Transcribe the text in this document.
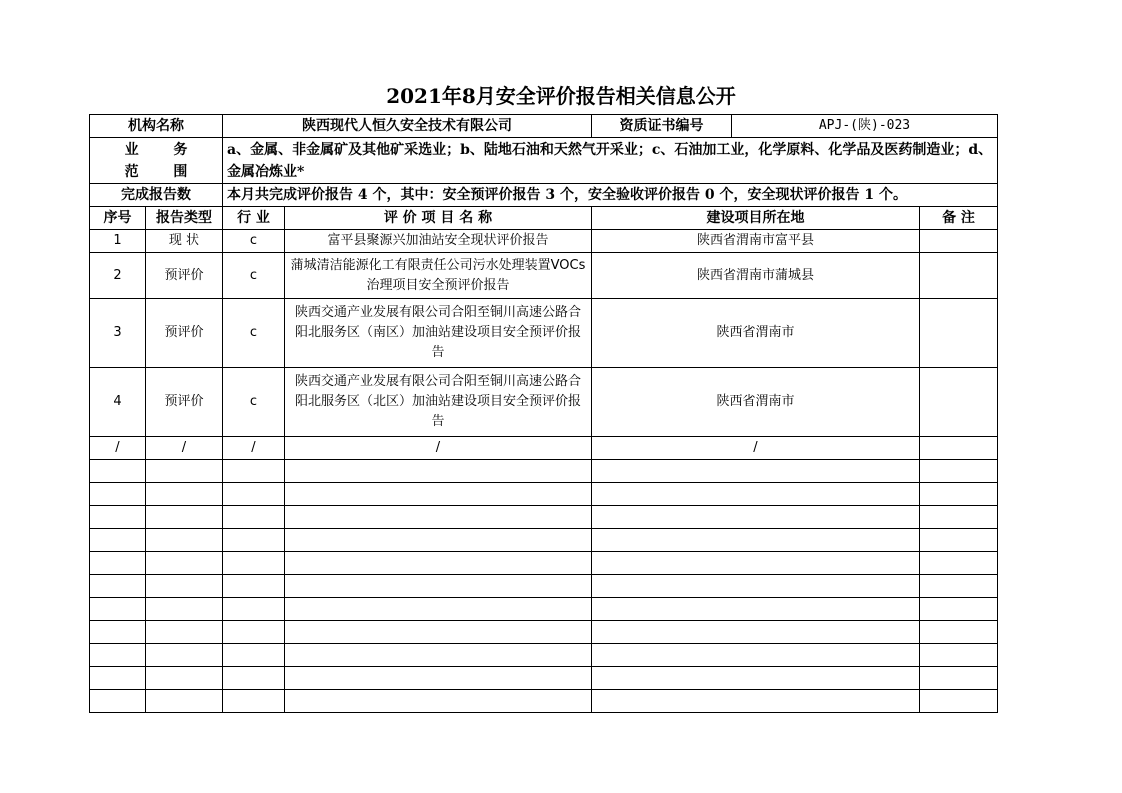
2021年8月安全评价报告相关信息公开
机构名称		陕西现代人恒久安全技术有限公司		资质证书编号	APJ-(陕)-023	

业 务
范 围		a、金属、非金属矿及其他矿采选业；b、陆地石油和天然气开采业；c、石油加工业，化学原料、化学品及医药制造业；d、金属冶炼业*				
完成报告数		本月共完成评价报告 4 个，其中：安全预评价报告 3 个，安全验收评价报告 0 个，安全现状评价报告 1 个。				
序号	报告类型	行 业	评 价 项 目 名 称	建设项目所在地		备 注
1	现 状	c	富平县聚源兴加油站安全现状评价报告	陕西省渭南市富平县		
2	预评价	c	蒲城清洁能源化工有限责任公司污水处理装置VOCs 治理项目安全预评价报告	陕西省渭南市蒲城县		
3	预评价	c	陕西交通产业发展有限公司合阳至铜川高速公路合阳北服务区（南区）加油站建设项目安全预评价报告	陕西省渭南市		
4	预评价	c	陕西交通产业发展有限公司合阳至铜川高速公路合阳北服务区（北区）加油站建设项目安全预评价报告	陕西省渭南市		
/	/	/	/	/		
